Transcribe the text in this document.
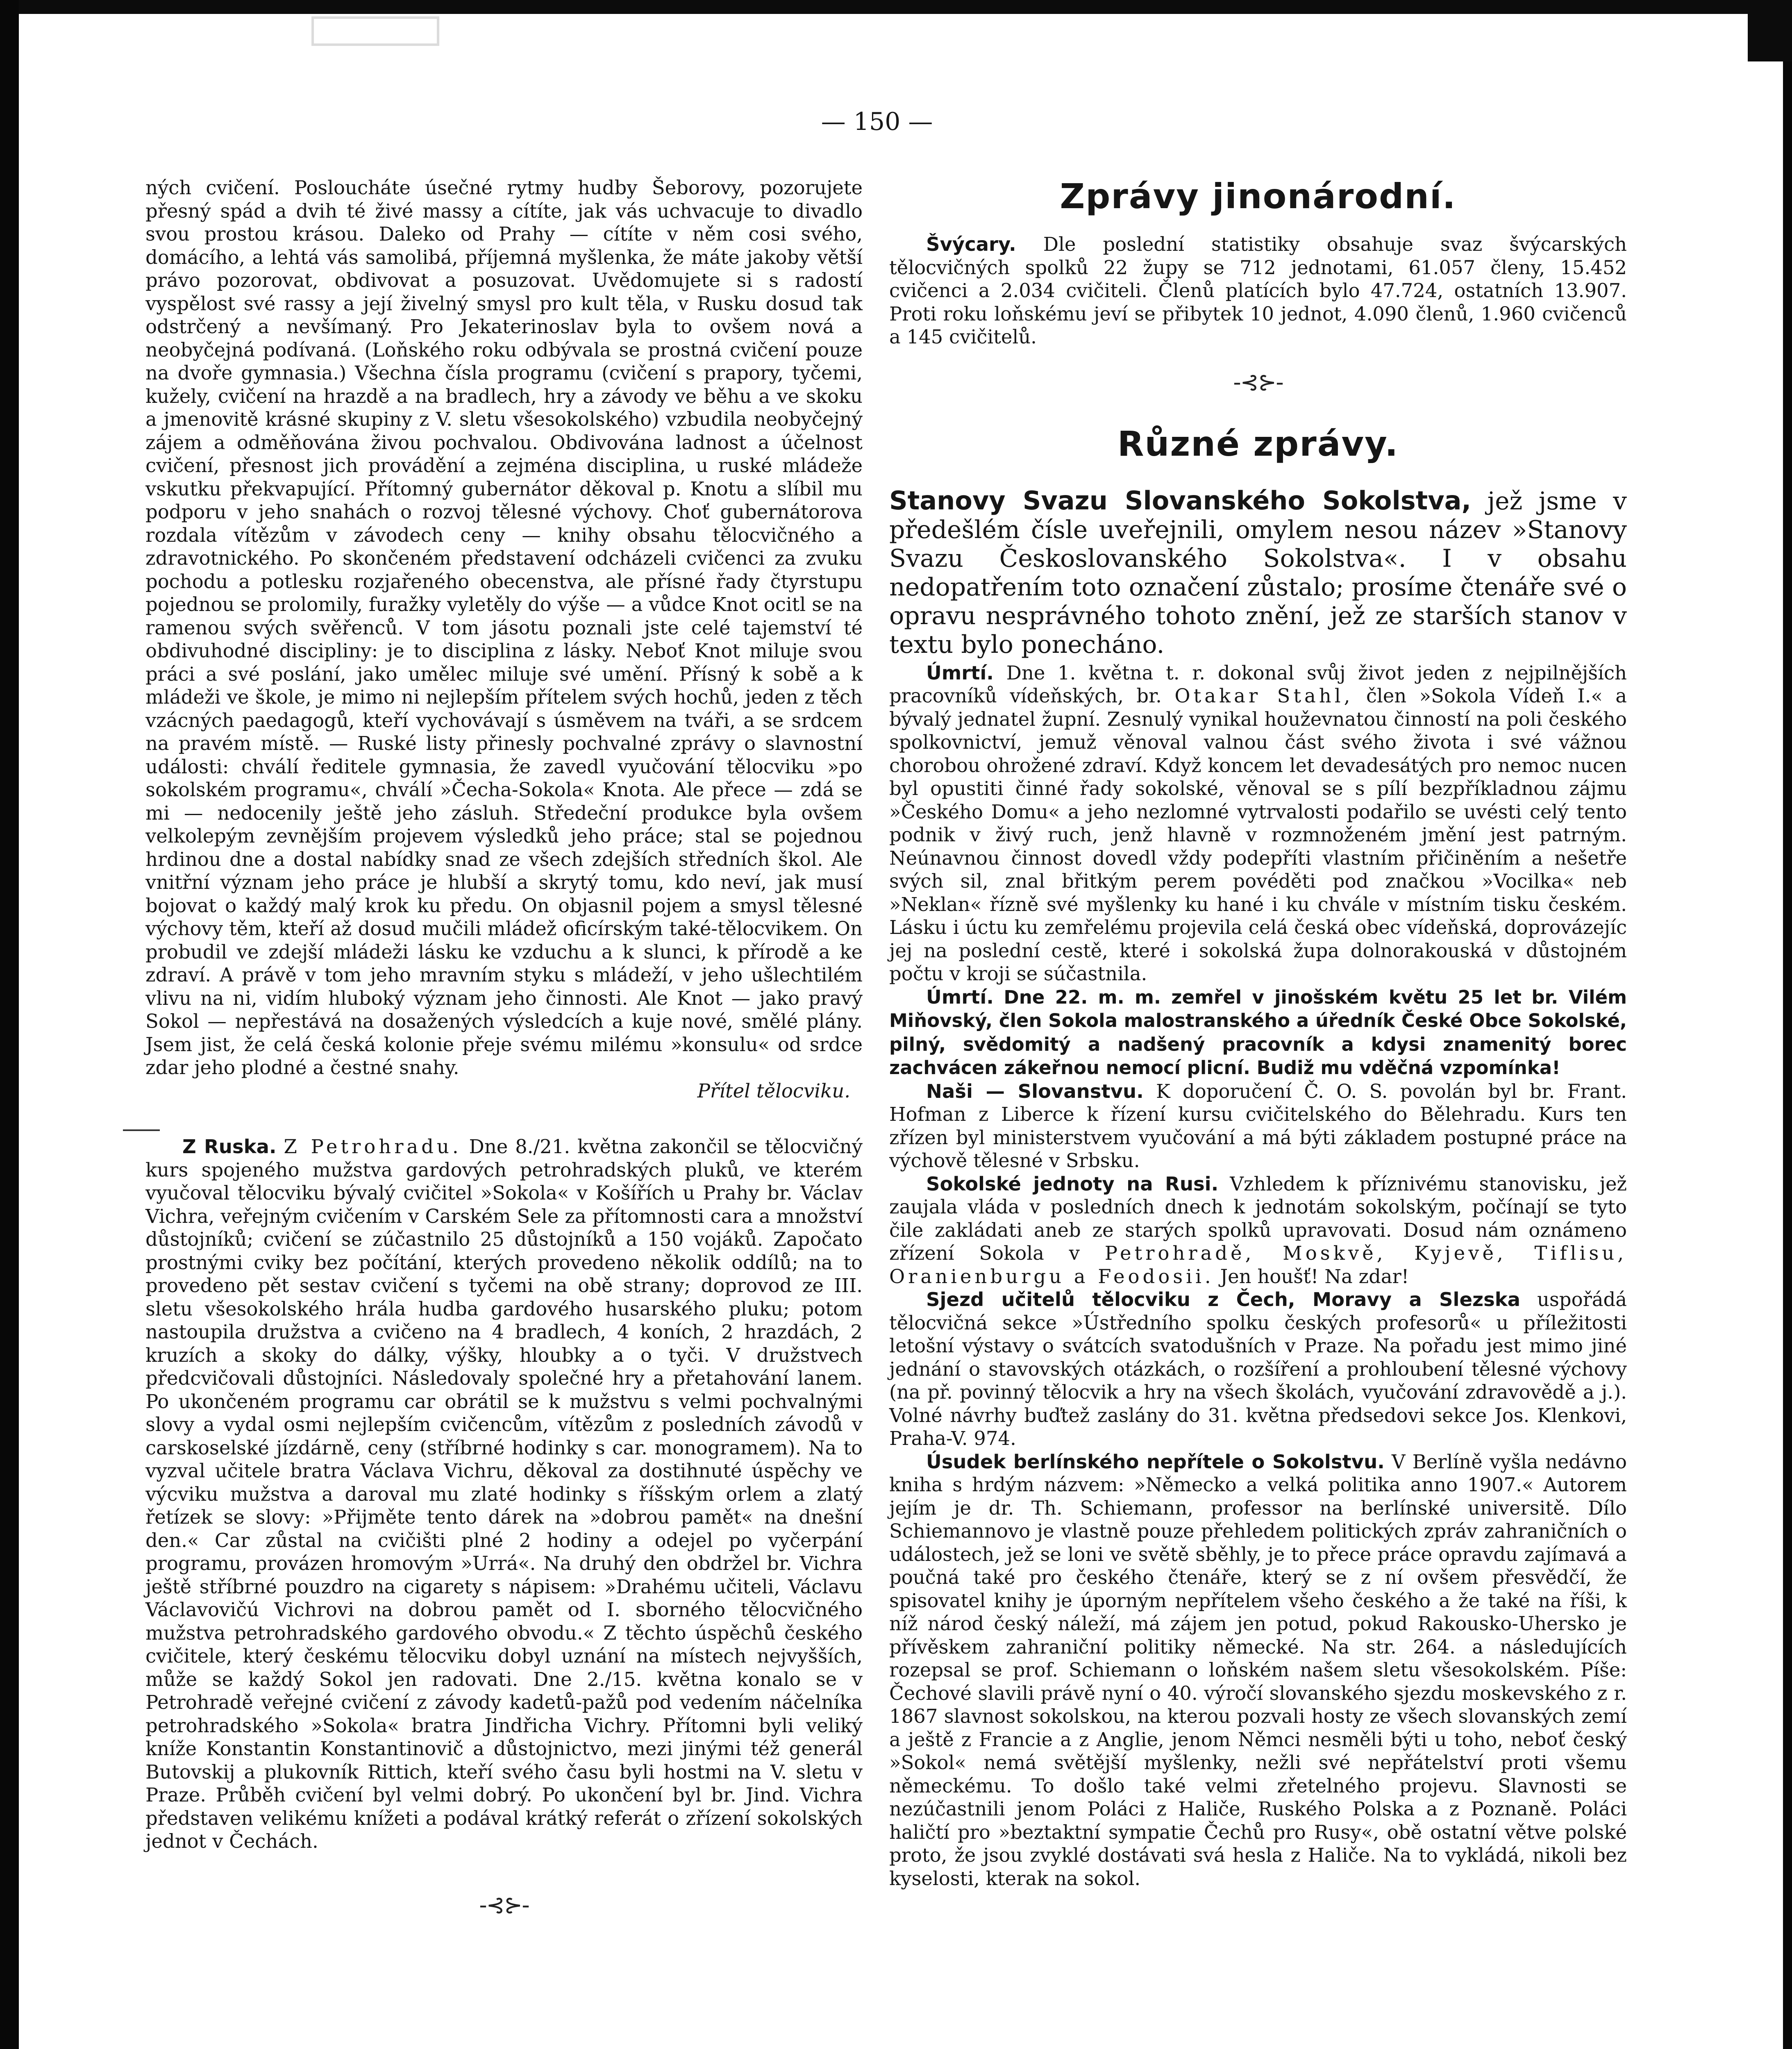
— 150 —

ných cvičení. Posloucháte úsečné rytmy hudby Šeborovy, pozorujete přesný spád a dvih té živé massy a cítíte, jak vás uchvacuje to divadlo svou prostou krásou. Daleko od Prahy — cítíte v něm cosi svého, domácího, a lehtá vás samolibá, příjemná myšlenka, že máte jakoby větší právo pozorovat, obdivovat a posuzovat. Uvědomujete si s radostí vyspělost své rassy a její živelný smysl pro kult těla, v Rusku dosud tak odstrčený a nevšímaný. Pro Jekaterinoslav byla to ovšem nová a neobyčejná podívaná. (Loňského roku odbývala se prostná cvičení pouze na dvoře gymnasia.) Všechna čísla programu (cvičení s prapory, tyčemi, kužely, cvičení na hrazdě a na bradlech, hry a závody ve běhu a ve skoku a jmenovitě krásné skupiny z V. sletu všesokolského) vzbudila neobyčejný zájem a odměňována živou pochvalou. Obdivována ladnost a účelnost cvičení, přesnost jich provádění a zejména disciplina, u ruské mládeže vskutku překvapující. Přítomný gubernátor děkoval p. Knotu a slíbil mu podporu v jeho snahách o rozvoj tělesné výchovy. Choť gubernátorova rozdala vítězům v závodech ceny — knihy obsahu tělocvičného a zdravotnického. Po skončeném představení odcházeli cvičenci za zvuku pochodu a potlesku rozjařeného obecenstva, ale přísné řady čtyrstupu pojednou se prolomily, furažky vyletěly do výše — a vůdce Knot ocitl se na ramenou svých svěřenců. V tom jásotu poznali jste celé tajemství té obdivuhodné discipliny: je to disciplina z lásky. Neboť Knot miluje svou práci a své poslání, jako umělec miluje své umění. Přísný k sobě a k mládeži ve škole, je mimo ni nejlepším přítelem svých hochů, jeden z těch vzácných paedagogů, kteří vychovávají s úsměvem na tváři, a se srdcem na pravém místě. — Ruské listy přinesly pochvalné zprávy o slavnostní události: chválí ředitele gymnasia, že zavedl vyučování tělocviku »po sokolském programu«, chválí »Čecha-Sokola« Knota. Ale přece — zdá se mi — nedocenily ještě jeho zásluh. Středeční produkce byla ovšem velkolepým zevnějším projevem výsledků jeho práce; stal se pojednou hrdinou dne a dostal nabídky snad ze všech zdejších středních škol. Ale vnitřní význam jeho práce je hlubší a skrytý tomu, kdo neví, jak musí bojovat o každý malý krok ku předu. On objasnil pojem a smysl tělesné výchovy těm, kteří až dosud mučili mládež oficírským také-tělocvikem. On probudil ve zdejší mládeži lásku ke vzduchu a k slunci, k přírodě a ke zdraví. A právě v tom jeho mravním styku s mládeží, v jeho ušlechtilém vlivu na ni, vidím hluboký význam jeho činnosti. Ale Knot — jako pravý Sokol — nepřestává na dosažených výsledcích a kuje nové, smělé plány. Jsem jist, že celá česká kolonie přeje svému milému »konsulu« od srdce zdar jeho plodné a čestné snahy.

Přítel tělocviku.

Z Ruska. Z Petrohradu. Dne 8./21. května zakončil se tělocvičný kurs spojeného mužstva gardových petrohradských pluků, ve kterém vyučoval tělocviku bývalý cvičitel »Sokola« v Košířích u Prahy br. Václav Vichra, veřejným cvičením v Carském Sele za přítomnosti cara a množství důstojníků; cvičení se zúčastnilo 25 důstojníků a 150 vojáků. Započato prostnými cviky bez počítání, kterých provedeno několik oddílů; na to provedeno pět sestav cvičení s tyčemi na obě strany; doprovod ze III. sletu všesokolského hrála hudba gardového husarského pluku; potom nastoupila družstva a cvičeno na 4 bradlech, 4 koních, 2 hrazdách, 2 kruzích a skoky do dálky, výšky, hloubky a o tyči. V družstvech předcvičovali důstojníci. Následovaly společné hry a přetahování lanem. Po ukončeném programu car obrátil se k mužstvu s velmi pochvalnými slovy a vydal osmi nejlepším cvičencům, vítězům z posledních závodů v carskoselské jízdárně, ceny (stříbrné hodinky s car. monogramem). Na to vyzval učitele bratra Václava Vichru, děkoval za dostihnuté úspěchy ve výcviku mužstva a daroval mu zlaté hodinky s říšským orlem a zlatý řetízek se slovy: »Přijměte tento dárek na »dobrou pamět« na dnešní den.« Car zůstal na cvičišti plné 2 hodiny a odejel po vyčerpání programu, provázen hromovým »Urrá«. Na druhý den obdržel br. Vichra ještě stříbrné pouzdro na cigarety s nápisem: »Drahému učiteli, Václavu Václavovičú Vichrovi na dobrou pamět od I. sborného tělocvičného mužstva petrohradského gardového obvodu.« Z těchto úspěchů českého cvičitele, který českému tělocviku dobyl uznání na místech nejvyšších, může se každý Sokol jen radovati. Dne 2./15. května konalo se v Petrohradě veřejné cvičení z závody kadetů-pažů pod vedením náčelníka petrohradského »Sokola« bratra Jindřicha Vichry. Přítomni byli veliký kníže Konstantin Konstantinovič a důstojnictvo, mezi jinými též generál Butovskij a plukovník Rittich, kteří svého času byli hostmi na V. sletu v Praze. Průběh cvičení byl velmi dobrý. Po ukončení byl br. Jind. Vichra představen velikému knížeti a podával krátký referát o zřízení sokolských jednot v Čechách.

-⊰⊱-
Zprávy jinonárodní.

Švýcary. Dle poslední statistiky obsahuje svaz švýcarských tělocvičných spolků 22 župy se 712 jednotami, 61.057 členy, 15.452 cvičenci a 2.034 cvičiteli. Členů platících bylo 47.724, ostatních 13.907. Proti roku loňskému jeví se přibytek 10 jednot, 4.090 členů, 1.960 cvičenců a 145 cvičitelů.

-⊰⊱-
Různé zprávy.

Stanovy Svazu Slovanského Sokolstva, jež jsme v předešlém čísle uveřejnili, omylem nesou název »Stanovy Svazu Českoslovanského Sokolstva«. I v obsahu nedopatřením toto označení zůstalo; prosíme čtenáře své o opravu nesprávného tohoto znění, jež ze starších stanov v textu bylo ponecháno.

Úmrtí. Dne 1. května t. r. dokonal svůj život jeden z nejpilnějších pracovníků vídeňských, br. Otakar Stahl, člen »Sokola Vídeň I.« a bývalý jednatel župní. Zesnulý vynikal houževnatou činností na poli českého spolkovnictví, jemuž věnoval valnou část svého života i své vážnou chorobou ohrožené zdraví. Když koncem let devadesátých pro nemoc nucen byl opustiti činné řady sokolské, věnoval se s pílí bezpříkladnou zájmu »Českého Domu« a jeho nezlomné vytrvalosti podařilo se uvésti celý tento podnik v živý ruch, jenž hlavně v rozmnoženém jmění jest patrným. Neúnavnou činnost dovedl vždy podepříti vlastním přičiněním a nešetře svých sil, znal břitkým perem povéděti pod značkou »Vocilka« neb »Neklan« řízně své myšlenky ku hané i ku chvále v místním tisku českém. Lásku i úctu ku zemřelému projevila celá česká obec vídeňská, doprovázejíc jej na poslední cestě, které i sokolská župa dolnorakouská v důstojném počtu v kroji se súčastnila.

Úmrtí. Dne 22. m. m. zemřel v jinošském květu 25 let br. Vilém Miňovský, člen Sokola malostranského a úředník České Obce Sokolské, pilný, svědomitý a nadšený pracovník a kdysi znamenitý borec zachvácen zákeřnou nemocí plicní. Budiž mu vděčná vzpomínka!

Naši — Slovanstvu. K doporučení Č. O. S. povolán byl br. Frant. Hofman z Liberce k řízení kursu cvičitelského do Bělehradu. Kurs ten zřízen byl ministerstvem vyučování a má býti základem postupné práce na výchově tělesné v Srbsku.

Sokolské jednoty na Rusi. Vzhledem k příznivému stanovisku, jež zaujala vláda v posledních dnech k jednotám sokolským, počínají se tyto čile zakládati aneb ze starých spolků upravovati. Dosud nám oznámeno zřízení Sokola v Petrohradě, Moskvě, Kyjevě, Tiflisu, Oranienburgu a Feodosii. Jen houšť! Na zdar!

Sjezd učitelů tělocviku z Čech, Moravy a Slezska uspořádá tělocvičná sekce »Ústředního spolku českých profesorů« u příležitosti letošní výstavy o svátcích svatodušních v Praze. Na pořadu jest mimo jiné jednání o stavovských otázkách, o rozšíření a prohloubení tělesné výchovy (na př. povinný tělocvik a hry na všech školách, vyučování zdravovědě a j.). Volné návrhy buďtež zaslány do 31. května předsedovi sekce Jos. Klenkovi, Praha-V. 974.

Úsudek berlínského nepřítele o Sokolstvu. V Berlíně vyšla nedávno kniha s hrdým názvem: »Německo a velká politika anno 1907.« Autorem jejím je dr. Th. Schiemann, professor na berlínské universitě. Dílo Schiemannovo je vlastně pouze přehledem politických zpráv zahraničních o událostech, jež se loni ve světě sběhly, je to přece práce opravdu zajímavá a poučná také pro českého čtenáře, který se z ní ovšem přesvědčí, že spisovatel knihy je úporným nepřítelem všeho českého a že také na říši, k níž národ český náleží, má zájem jen potud, pokud Rakousko-Uhersko je přívěskem zahraniční politiky německé. Na str. 264. a následujících rozepsal se prof. Schiemann o loňském našem sletu všesokolském. Píše: Čechové slavili právě nyní o 40. výročí slovanského sjezdu moskevského z r. 1867 slavnost sokolskou, na kterou pozvali hosty ze všech slovanských zemí a ještě z Francie a z Anglie, jenom Němci nesměli býti u toho, neboť český »Sokol« nemá světější myšlenky, nežli své nepřátelství proti všemu německému. To došlo také velmi zřetelného projevu. Slavnosti se nezúčastnili jenom Poláci z Haliče, Ruského Polska a z Poznaně. Poláci haličtí pro »beztaktní sympatie Čechů pro Rusy«, obě ostatní větve polské proto, že jsou zvyklé dostávati svá hesla z Haliče. Na to vykládá, nikoli bez kyselosti, kterak na sokol.
